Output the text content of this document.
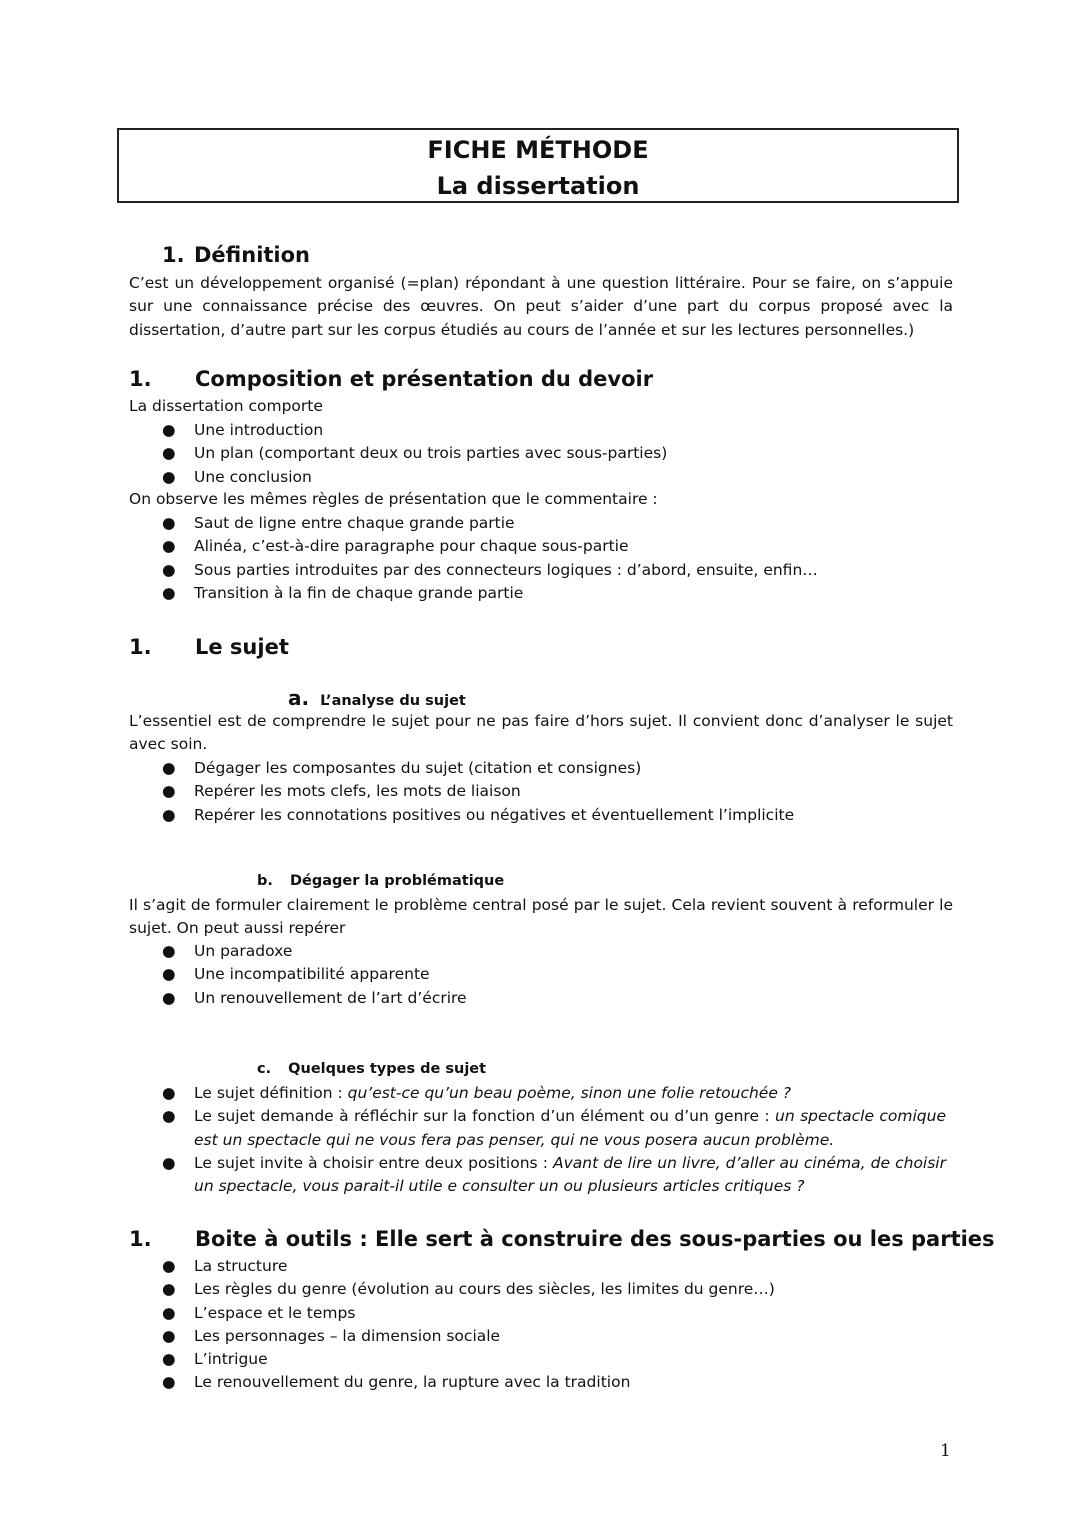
FICHE MÉTHODE
La dissertation
1. Définition
C’est un développement organisé (=plan) répondant à une question littéraire. Pour se faire, on s’appuie sur une connaissance précise des œuvres. On peut s’aider d’une part du corpus proposé avec la dissertation, d’autre part sur les corpus étudiés au cours de l’année et sur les lectures personnelles.)
1. Composition et présentation du devoir
La dissertation comporte
● Une introduction
● Un plan (comportant deux ou trois parties avec sous-parties)
● Une conclusion
On observe les mêmes règles de présentation que le commentaire :
● Saut de ligne entre chaque grande partie
● Alinéa, c’est-à-dire paragraphe pour chaque sous-partie
● Sous parties introduites par des connecteurs logiques : d’abord, ensuite, enfin…
● Transition à la fin de chaque grande partie
1. Le sujet
a. L’analyse du sujet
L’essentiel est de comprendre le sujet pour ne pas faire d’hors sujet. Il convient donc d’analyser le sujet avec soin.
● Dégager les composantes du sujet (citation et consignes)
● Repérer les mots clefs, les mots de liaison
● Repérer les connotations positives ou négatives et éventuellement l’implicite
b. Dégager la problématique
Il s’agit de formuler clairement le problème central posé par le sujet. Cela revient souvent à reformuler le sujet. On peut aussi repérer
● Un paradoxe
● Une incompatibilité apparente
● Un renouvellement de l’art d’écrire
c. Quelques types de sujet
● Le sujet définition : qu’est-ce qu’un beau poème, sinon une folie retouchée ?
● Le sujet demande à réfléchir sur la fonction d’un élément ou d’un genre : un spectacle comique est un spectacle qui ne vous fera pas penser, qui ne vous posera aucun problème.
● Le sujet invite à choisir entre deux positions : Avant de lire un livre, d’aller au cinéma, de choisir un spectacle, vous parait-il utile e consulter un ou plusieurs articles critiques ?
1. Boite à outils : Elle sert à construire des sous-parties ou les parties
● La structure
● Les règles du genre (évolution au cours des siècles, les limites du genre…)
● L’espace et le temps
● Les personnages – la dimension sociale
● L’intrigue
● Le renouvellement du genre, la rupture avec la tradition
1
